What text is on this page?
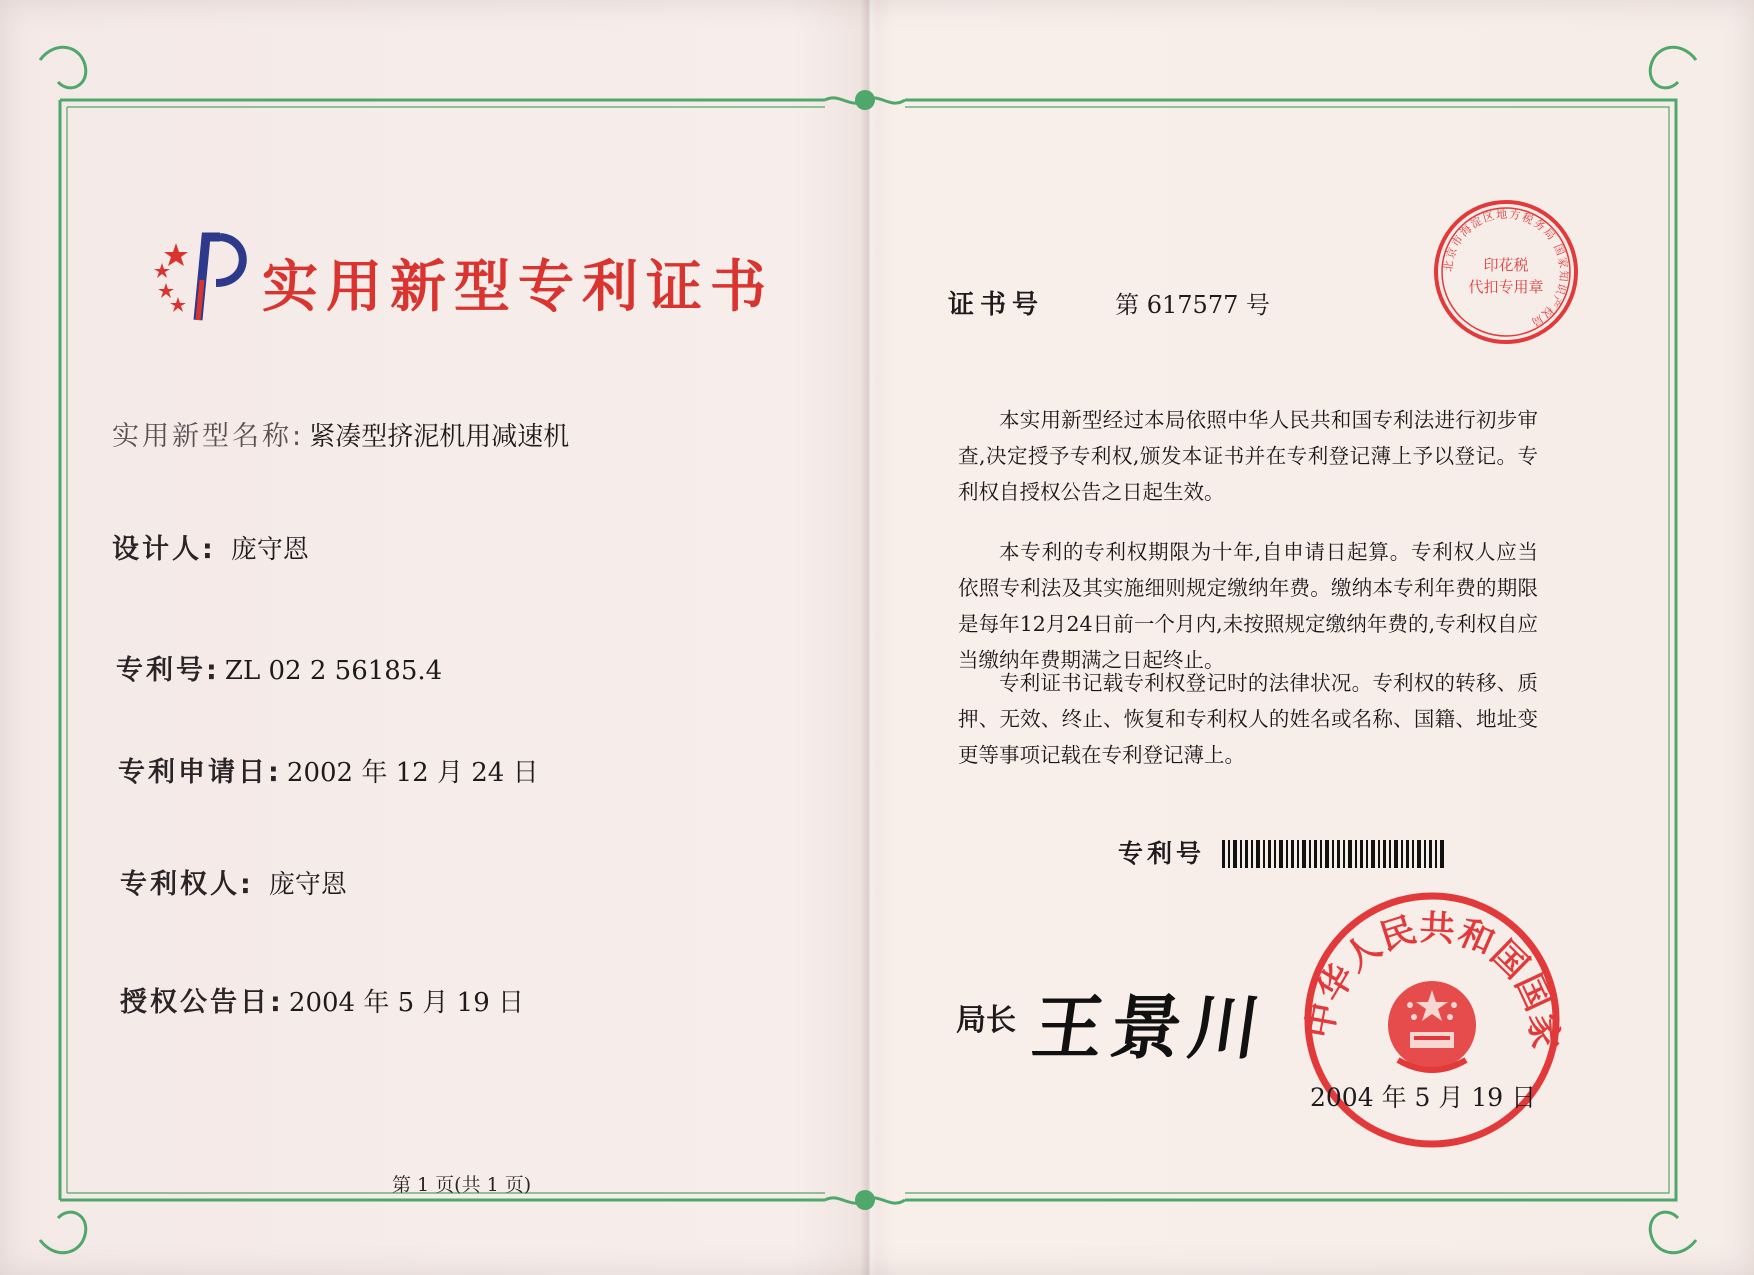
实用新型专利证书
实用新型名称: 紧凑型挤泥机用减速机
设计人: 庞守恩
专利号: ZL 02 2 56185.4
专利申请日: 2002 年 12 月 24 日
专利权人: 庞守恩
授权公告日: 2004 年 5 月 19 日
第 1 页(共 1 页)
证书号	第 617577 号

本实用新型经过本局依照中华人民共和国专利法进行初步审查,决定授予专利权,颁发本证书并在专利登记薄上予以登记。专利权自授权公告之日起生效。

本专利的专利权期限为十年,自申请日起算。专利权人应当依照专利法及其实施细则规定缴纳年费。缴纳本专利年费的期限是每年12月24日前一个月内,未按照规定缴纳年费的,专利权自应当缴纳年费期满之日起终止。

专利证书记载专利权登记时的法律状况。专利权的转移、质押、无效、终止、恢复和专利权人的姓名或名称、国籍、地址变更等事项记载在专利登记薄上。

专利号
局长 王景川
北京市海淀区地方税务局 国家知识产权局
印花税
代扣专用章
中华人民共和国国家
2004 年 5 月 19 日
